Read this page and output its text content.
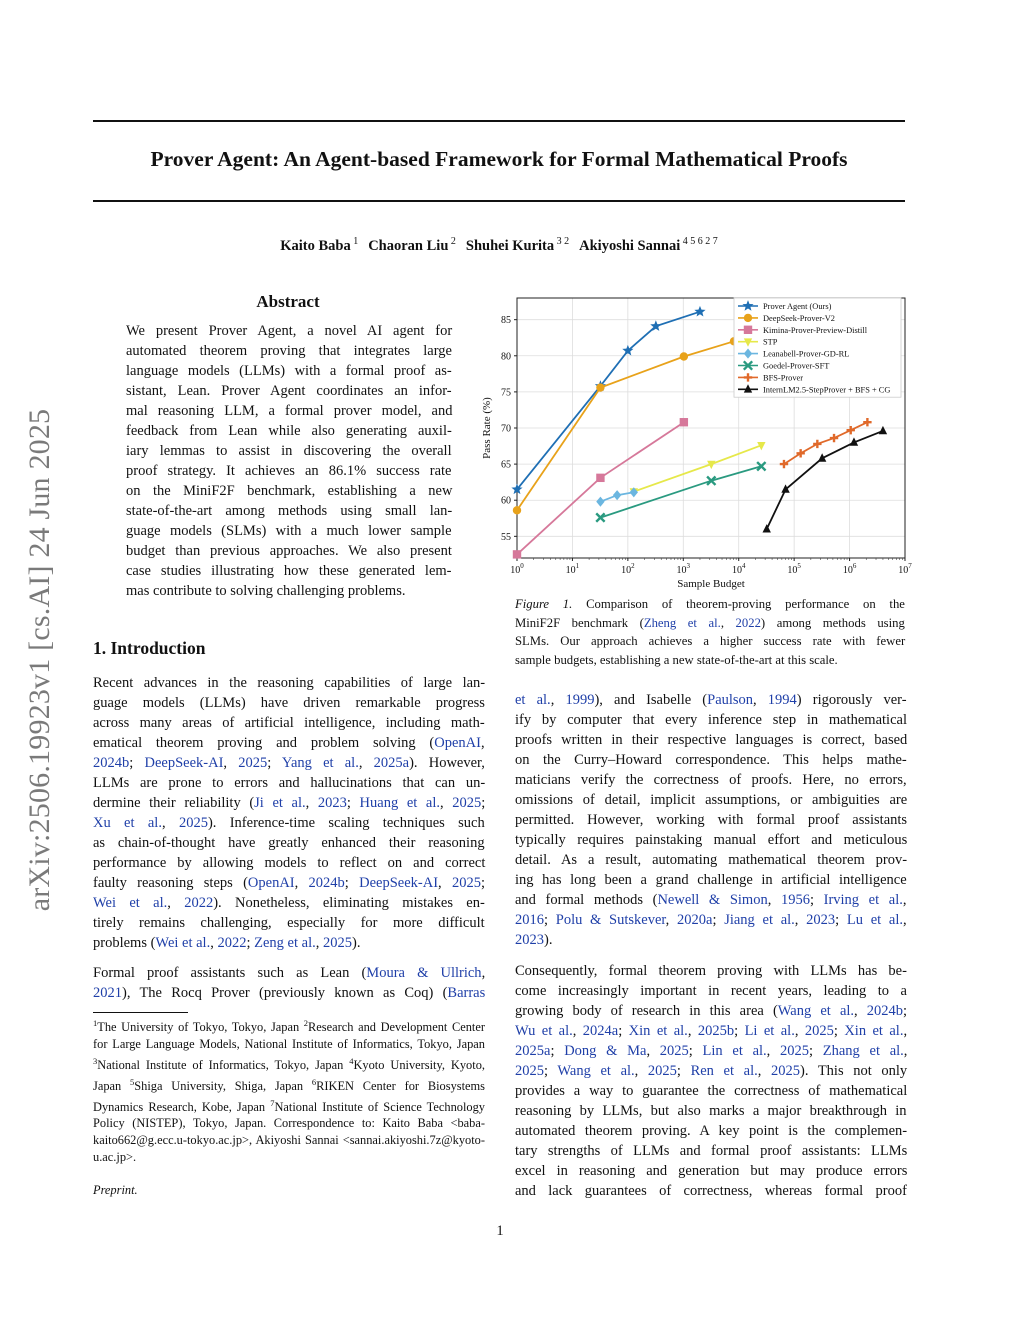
Prover Agent: An Agent-based Framework for Formal Mathematical Proofs
Kaito Baba $^1$ Chaoran Liu $^2$ Shuhei Kurita $^{3 2}$ Akiyoshi Sannai $^{4 5 6 2 7}$
arXiv:2506.19923v1 [cs.AI] 24 Jun 2025
Abstract
We present Prover Agent, a novel AI agent for
automated theorem proving that integrates large
language models (LLMs) with a formal proof as-
sistant, Lean. Prover Agent coordinates an infor-
mal reasoning LLM, a formal prover model, and
feedback from Lean while also generating auxil-
iary lemmas to assist in discovering the overall
proof strategy. It achieves an 86.1% success rate
on the MiniF2F benchmark, establishing a new
state-of-the-art among methods using small lan-
guage models (SLMs) with a much lower sample
budget than previous approaches. We also present
case studies illustrating how these generated lem-
mas contribute to solving challenging problems.
1. Introduction
Recent advances in the reasoning capabilities of large lan-
guage models (LLMs) have driven remarkable progress
across many areas of artificial intelligence, including math-
ematical theorem proving and problem solving (OpenAI,
2024b; DeepSeek-AI, 2025; Yang et al., 2025a). However,
LLMs are prone to errors and hallucinations that can un-
dermine their reliability (Ji et al., 2023; Huang et al., 2025;
Xu et al., 2025). Inference-time scaling techniques such
as chain-of-thought have greatly enhanced their reasoning
performance by allowing models to reflect on and correct
faulty reasoning steps (OpenAI, 2024b; DeepSeek-AI, 2025;
Wei et al., 2022). Nonetheless, eliminating mistakes en-
tirely remains challenging, especially for more difficult
problems (Wei et al., 2022; Zeng et al., 2025).
Formal proof assistants such as Lean (Moura & Ullrich,
2021), The Rocq Prover (previously known as Coq) (Barras
$^1$The University of Tokyo, Tokyo, Japan $^2$Research and Development Center for Large Language Models, National Institute of Informatics, Tokyo, Japan $^3$National Institute of Informatics, Tokyo, Japan $^4$Kyoto University, Kyoto, Japan $^5$Shiga University, Shiga, Japan $^6$RIKEN Center for Biosystems Dynamics Research, Kobe, Japan $^7$National Institute of Science Technology Policy (NISTEP), Tokyo, Japan. Correspondence to: Kaito Baba <baba-kaito662@g.ecc.u-tokyo.ac.jp>, Akiyoshi Sannai <sannai.akiyoshi.7z@kyoto-u.ac.jp>.
Preprint.
55
60
65
70
75
80
85
$10^0$	$10^1$	$10^2$	$10^3$	$10^4$	$10^5$	$10^6$	$10^7$
Sample Budget
Pass Rate (%)
Prover Agent (Ours)
DeepSeek-Prover-V2
Kimina-Prover-Preview-Distill
STP
Leanabell-Prover-GD-RL
Goedel-Prover-SFT
BFS-Prover
InternLM2.5-StepProver + BFS + CG
Figure 1. Comparison of theorem-proving performance on the
MiniF2F benchmark (Zheng et al., 2022) among methods using
SLMs. Our approach achieves a higher success rate with fewer
sample budgets, establishing a new state-of-the-art at this scale.
et al., 1999), and Isabelle (Paulson, 1994) rigorously ver-
ify by computer that every inference step in mathematical
proofs written in their respective languages is correct, based
on the Curry–Howard correspondence. This helps mathe-
maticians verify the correctness of proofs. Here, no errors,
omissions of detail, implicit assumptions, or ambiguities are
permitted. However, working with formal proof assistants
typically requires painstaking manual effort and meticulous
detail. As a result, automating mathematical theorem prov-
ing has long been a grand challenge in artificial intelligence
and formal methods (Newell & Simon, 1956; Irving et al.,
2016; Polu & Sutskever, 2020a; Jiang et al., 2023; Lu et al.,
2023).
Consequently, formal theorem proving with LLMs has be-
come increasingly important in recent years, leading to a
growing body of research in this area (Wang et al., 2024b;
Wu et al., 2024a; Xin et al., 2025b; Li et al., 2025; Xin et al.,
2025a; Dong & Ma, 2025; Lin et al., 2025; Zhang et al.,
2025; Wang et al., 2025; Ren et al., 2025). This not only
provides a way to guarantee the correctness of mathematical
reasoning by LLMs, but also marks a major breakthrough in
automated theorem proving. A key point is the complemen-
tary strengths of LLMs and formal proof assistants: LLMs
excel in reasoning and generation but may produce errors
and lack guarantees of correctness, whereas formal proof
1
